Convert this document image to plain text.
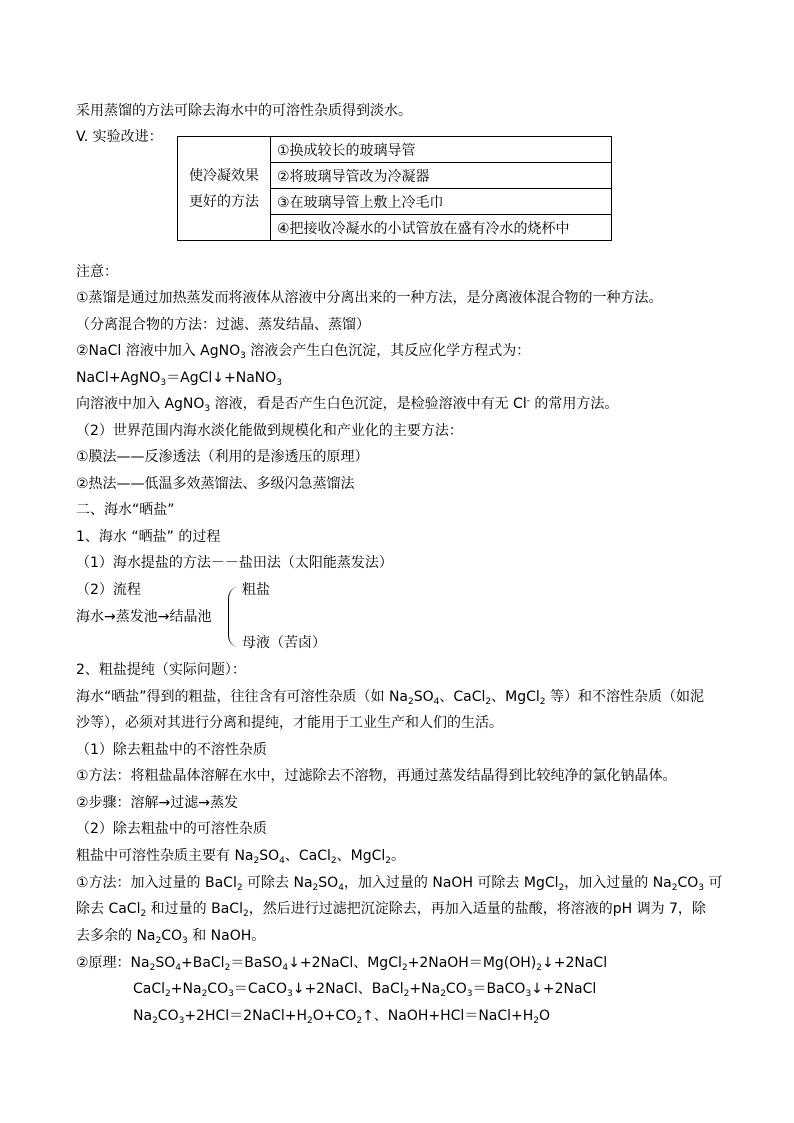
采用蒸馏的方法可除去海水中的可溶性杂质得到淡水。
V. 实验改进：
使冷凝效果
更好的方法	①换成较长的玻璃导管
②将玻璃导管改为冷凝器
③在玻璃导管上敷上冷毛巾
④把接收冷凝水的小试管放在盛有冷水的烧杯中
注意：
①蒸馏是通过加热蒸发而将液体从溶液中分离出来的一种方法，是分离液体混合物的一种方法。
（分离混合物的方法：过滤、蒸发结晶、蒸馏）
②NaCl 溶液中加入 AgNO$_3$ 溶液会产生白色沉淀，其反应化学方程式为：
NaCl+AgNO$_3$＝AgCl↓+NaNO$_3$
向溶液中加入 AgNO$_3$ 溶液，看是否产生白色沉淀，是检验溶液中有无 Cl- 的常用方法。
（2）世界范围内海水淡化能做到规模化和产业化的主要方法：
①膜法——反渗透法（利用的是渗透压的原理）
②热法——低温多效蒸馏法、多级闪急蒸馏法
二、海水“晒盐”
1、海水 “晒盐” 的过程
（1）海水提盐的方法－－盐田法（太阳能蒸发法）
（2）流程
海水→蒸发池→结晶池
粗盐
母液（苦卤）
2、粗盐提纯（实际问题）：
海水“晒盐”得到的粗盐，往往含有可溶性杂质（如 $Na_2SO_4$、CaCl$_2$、MgCl$_2$ 等）和不溶性杂质（如泥
沙等），必须对其进行分离和提纯，才能用于工业生产和人们的生活。
（1）除去粗盐中的不溶性杂质
①方法：将粗盐晶体溶解在水中，过滤除去不溶物，再通过蒸发结晶得到比较纯净的氯化钠晶体。
②步骤：溶解→过滤→蒸发
（2）除去粗盐中的可溶性杂质
粗盐中可溶性杂质主要有 $Na_2SO_4$、CaCl$_2$、MgCl$_2$。
①方法：加入过量的 BaCl$_2$ 可除去 $Na_2SO_4$，加入过量的 NaOH 可除去 MgCl$_2$，加入过量的 $Na_2CO_3$ 可
除去 CaCl$_2$ 和过量的 BaCl$_2$，然后进行过滤把沉淀除去，再加入适量的盐酸，将溶液的pH 调为 7，除
去多余的 $Na_2CO_3$ 和 NaOH。
②原理：$Na_2SO_4+BaCl_2=BaSO_4↓+2NaCl$、$MgCl_2+2NaOH=Mg(OH)_2↓+2NaCl$
$CaCl_2+Na_2CO_3=CaCO_3↓+2NaCl$、$BaCl_2+Na_2CO_3=BaCO_3↓+2NaCl$
$Na_2CO_3+2HCl=2NaCl+H_2O+CO_2↑$、$NaOH+HCl=NaCl+H_2O$
